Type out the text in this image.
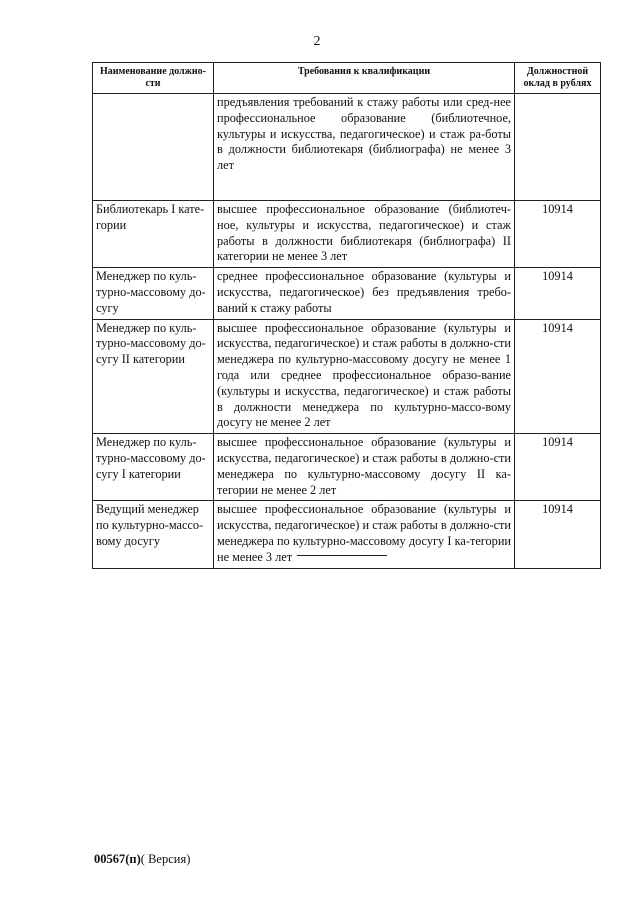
2
Наименование должно-сти	Требования к квалификации	Должностной оклад в рублях
	предъявления требований к стажу работы или сред-нее профессиональное образование (библиотечное, культуры и искусства, педагогическое) и стаж ра-боты в должности библиотекаря (библиографа) не менее 3 лет	
Библиотекарь I кате-гории	высшее профессиональное образование (библиотеч-ное, культуры и искусства, педагогическое) и стаж работы в должности библиотекаря (библиографа) II категории не менее 3 лет	10914
Менеджер по куль-турно-массовому до-сугу	среднее профессиональное образование (культуры и искусства, педагогическое) без предъявления требо-ваний к стажу работы	10914
Менеджер по куль-турно-массовому до-сугу II категории	высшее профессиональное образование (культуры и искусства, педагогическое) и стаж работы в должно-сти менеджера по культурно-массовому досугу не менее 1 года или среднее профессиональное образо-вание (культуры и искусства, педагогическое) и стаж работы в должности менеджера по культурно-массо-вому досугу не менее 2 лет	10914
Менеджер по куль-турно-массовому до-сугу I категории	высшее профессиональное образование (культуры и искусства, педагогическое) и стаж работы в должно-сти менеджера по культурно-массовому досугу II ка-тегории не менее 2 лет	10914
Ведущий менеджер по культурно-массо-вому досугу	высшее профессиональное образование (культуры и искусства, педагогическое) и стаж работы в должно-сти менеджера по культурно-массовому досугу I ка-тегории не менее 3 лет	10914
00567(п)( Версия)
